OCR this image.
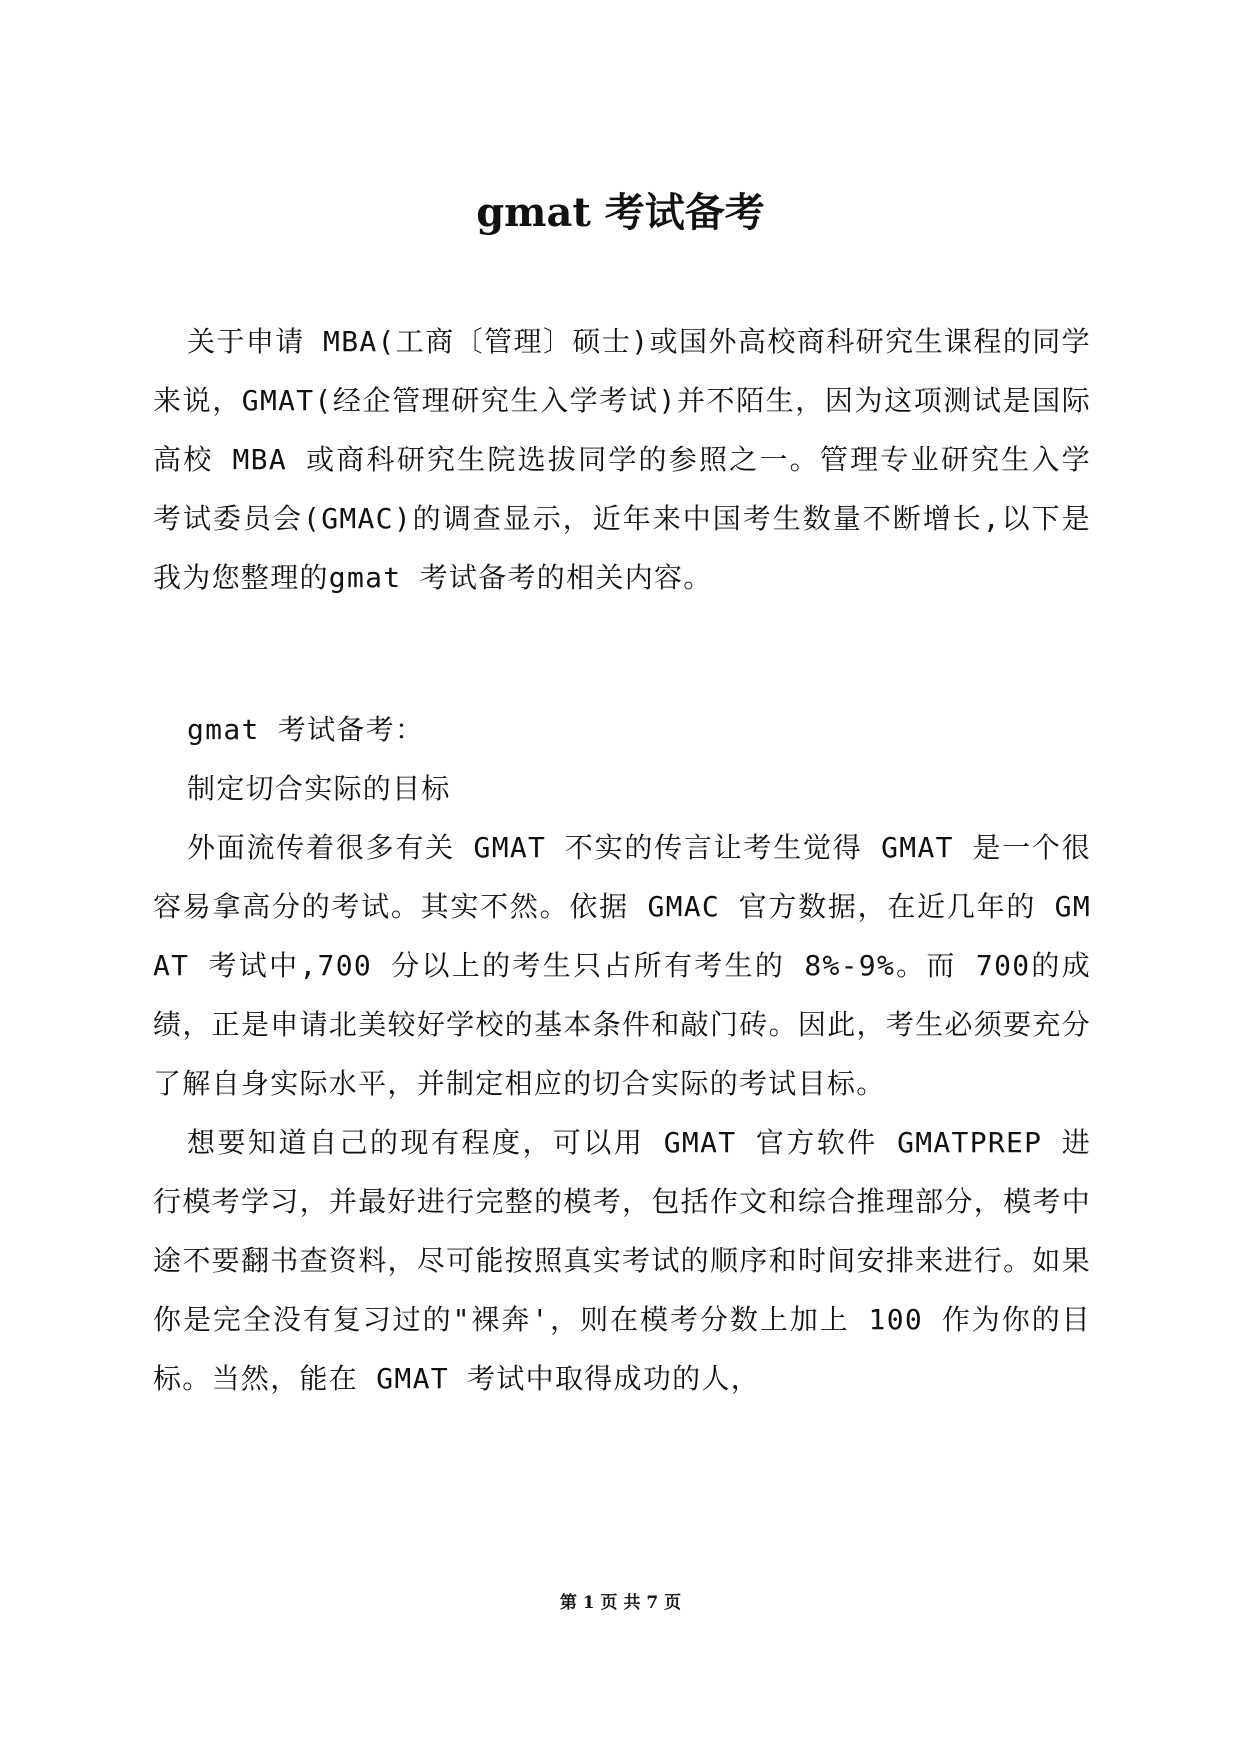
gmat 考试备考

关于申请 MBA(工商〔管理〕硕士)或国外高校商科研究生课程的同学来说，GMAT(经企管理研究生入学考试)并不陌生，因为这项测试是国际高校 MBA 或商科研究生院选拔同学的参照之一。管理专业研究生入学考试委员会(GMAC)的调查显示，近年来中国考生数量不断增长,以下是我为您整理的gmat 考试备考的相关内容。

gmat 考试备考：

制定切合实际的目标

外面流传着很多有关 GMAT 不实的传言让考生觉得 GMAT 是一个很容易拿高分的考试。其实不然。依据 GMAC 官方数据，在近几年的 GMAT 考试中,700 分以上的考生只占所有考生的 8%-9%。而 700的成绩，正是申请北美较好学校的基本条件和敲门砖。因此，考生必须要充分了解自身实际水平，并制定相应的切合实际的考试目标。

想要知道自己的现有程度，可以用 GMAT 官方软件 GMATPREP 进行模考学习，并最好进行完整的模考，包括作文和综合推理部分，模考中途不要翻书查资料，尽可能按照真实考试的顺序和时间安排来进行。如果你是完全没有复习过的"裸奔'，则在模考分数上加上 100 作为你的目标。当然，能在 GMAT 考试中取得成功的人，

第 1 页 共 7 页
